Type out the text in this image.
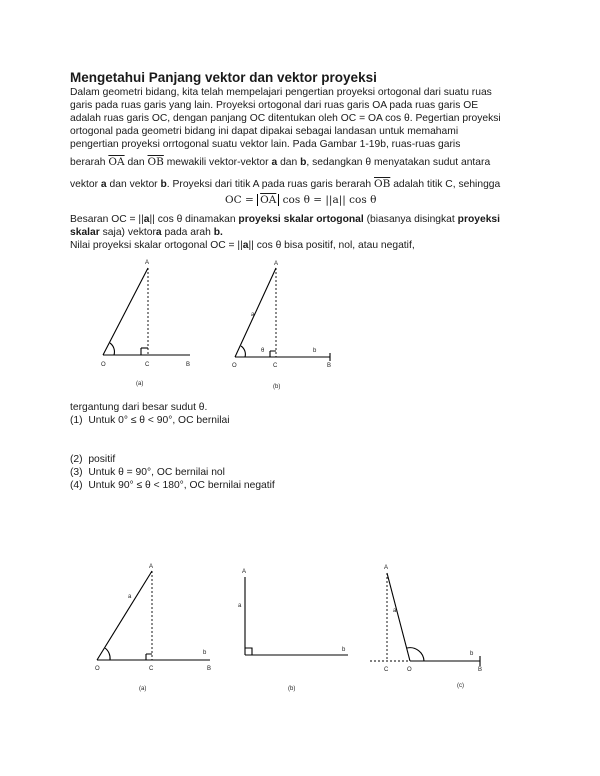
Mengetahui Panjang vektor dan vektor proyeksi
Dalam geometri bidang, kita telah mempelajari pengertian proyeksi ortogonal dari suatu ruas
garis pada ruas garis yang lain. Proyeksi ortogonal dari ruas garis OA pada ruas garis OE
adalah ruas garis OC, dengan panjang OC ditentukan oleh OC = OA cos θ. Pegertian proyeksi
ortogonal pada geometri bidang ini dapat dipakai sebagai landasan untuk memahami
pengertian proyeksi orrtogonal suatu vektor lain. Pada Gambar 1-19b, ruas-ruas garis
berarah $\overline{OA}$ dan $\overline{OB}$ mewakili vektor-vektor a dan b, sedangkan θ menyatakan sudut antara
vektor a dan vektor b. Proyeksi dari titik A pada ruas garis berarah $\overline{OB}$ adalah titik C, sehingga
OC = $\overline{OA}$ cos θ = ||a|| cos θ
Besaran OC = ||a|| cos θ dinamakan proyeksi skalar ortogonal (biasanya disingkat proyeksi
skalar saja) vektora pada arah b.
Nilai proyeksi skalar ortogonal OC = ||a|| cos θ bisa positif, nol, atau negatif,
A
O	C	B
(a)
A
a
θ	b
O	C	B
(b)
tergantung dari besar sudut θ.
(1) Untuk 0° ≤ θ < 90°, OC bernilai
(2) positif
(3) Untuk θ = 90°, OC bernilai nol
(4) Untuk 90° ≤ θ < 180°, OC bernilai negatif
A
a
b
O	C	B
(a)
A
a
b
(b)
A
a
b
C	O	B
(c)
